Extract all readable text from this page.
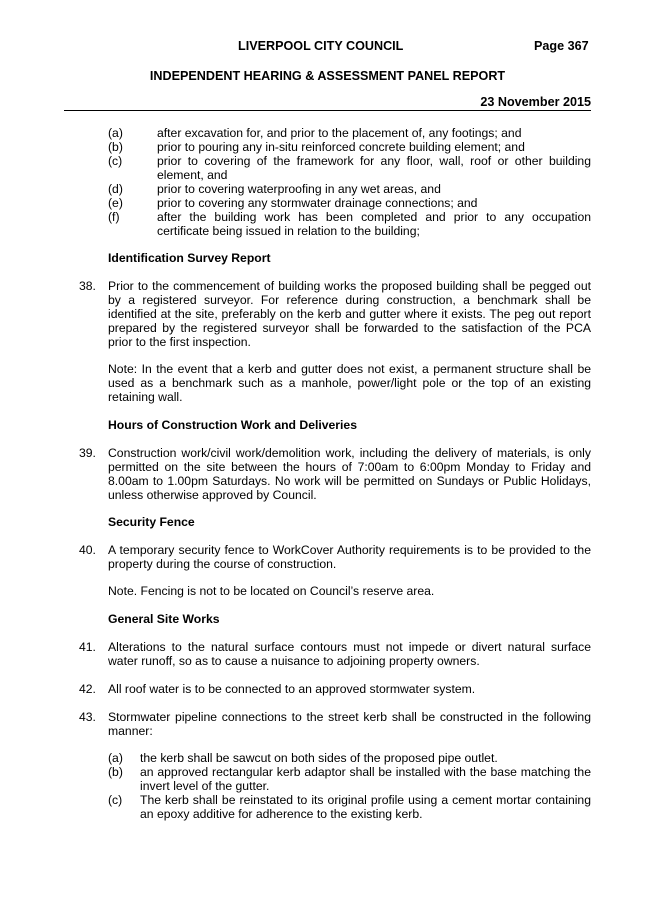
LIVERPOOL CITY COUNCIL	Page 367
INDEPENDENT HEARING & ASSESSMENT PANEL REPORT
23 November 2015
(a)	after excavation for, and prior to the placement of, any footings; and
(b)	prior to pouring any in-situ reinforced concrete building element; and
(c)	prior to covering of the framework for any floor, wall, roof or other building element, and
(d)	prior to covering waterproofing in any wet areas, and
(e)	prior to covering any stormwater drainage connections; and
(f)	after the building work has been completed and prior to any occupation certificate being issued in relation to the building;
Identification Survey Report
38. Prior to the commencement of building works the proposed building shall be pegged out by a registered surveyor. For reference during construction, a benchmark shall be identified at the site, preferably on the kerb and gutter where it exists. The peg out report prepared by the registered surveyor shall be forwarded to the satisfaction of the PCA prior to the first inspection.
Note: In the event that a kerb and gutter does not exist, a permanent structure shall be used as a benchmark such as a manhole, power/light pole or the top of an existing retaining wall.
Hours of Construction Work and Deliveries
39. Construction work/civil work/demolition work, including the delivery of materials, is only permitted on the site between the hours of 7:00am to 6:00pm Monday to Friday and 8.00am to 1.00pm Saturdays. No work will be permitted on Sundays or Public Holidays, unless otherwise approved by Council.
Security Fence
40. A temporary security fence to WorkCover Authority requirements is to be provided to the property during the course of construction.
Note. Fencing is not to be located on Council’s reserve area.
General Site Works
41. Alterations to the natural surface contours must not impede or divert natural surface water runoff, so as to cause a nuisance to adjoining property owners.
42. All roof water is to be connected to an approved stormwater system.
43. Stormwater pipeline connections to the street kerb shall be constructed in the following manner:
(a)	the kerb shall be sawcut on both sides of the proposed pipe outlet.
(b)	an approved rectangular kerb adaptor shall be installed with the base matching the invert level of the gutter.
(c)	The kerb shall be reinstated to its original profile using a cement mortar containing an epoxy additive for adherence to the existing kerb.
